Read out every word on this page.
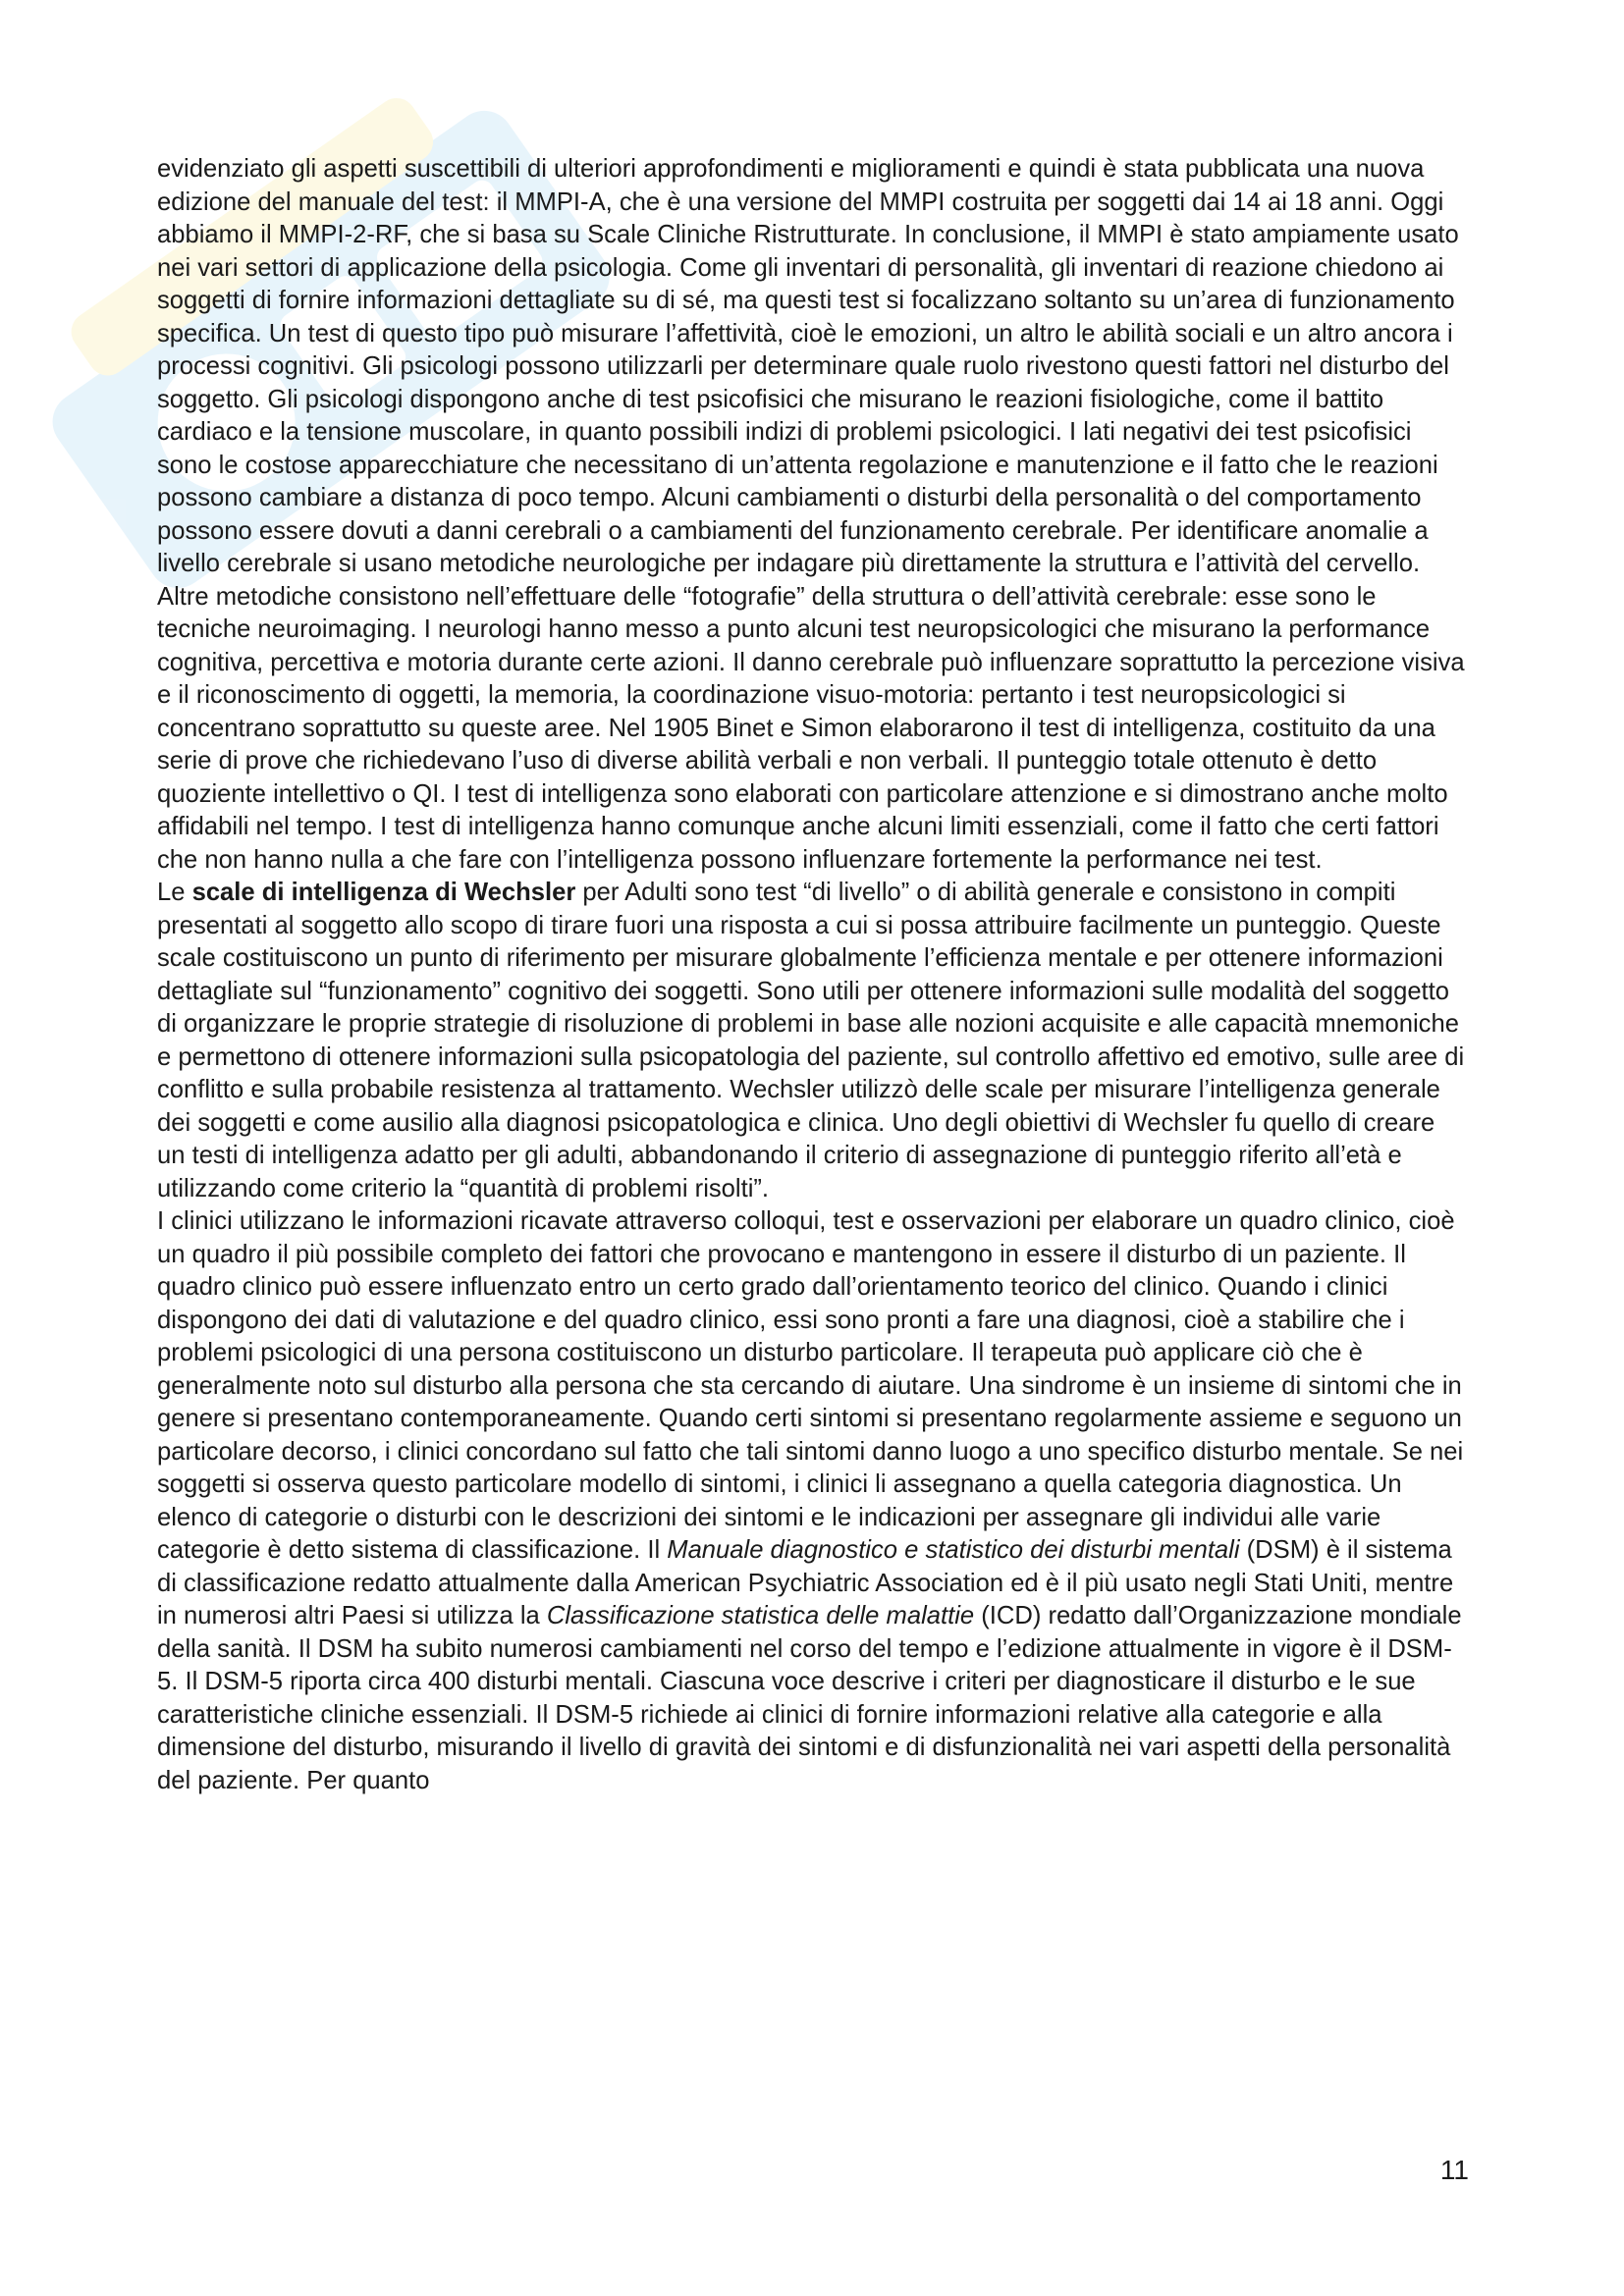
evidenziato gli aspetti suscettibili di ulteriori approfondimenti e miglioramenti e quindi è stata pubblicata una nuova edizione del manuale del test: il MMPI-A, che è una versione del MMPI costruita per soggetti dai 14 ai 18 anni. Oggi abbiamo il MMPI-2-RF, che si basa su Scale Cliniche Ristrutturate. In conclusione, il MMPI è stato ampiamente usato nei vari settori di applicazione della psicologia. Come gli inventari di personalità, gli inventari di reazione chiedono ai soggetti di fornire informazioni dettagliate su di sé, ma questi test si focalizzano soltanto su un’area di funzionamento specifica. Un test di questo tipo può misurare l’affettività, cioè le emozioni, un altro le abilità sociali e un altro ancora i processi cognitivi. Gli psicologi possono utilizzarli per determinare quale ruolo rivestono questi fattori nel disturbo del soggetto. Gli psicologi dispongono anche di test psicofisici che misurano le reazioni fisiologiche, come il battito cardiaco e la tensione muscolare, in quanto possibili indizi di problemi psicologici. I lati negativi dei test psicofisici sono le costose apparecchiature che necessitano di un’attenta regolazione e manutenzione e il fatto che le reazioni possono cambiare a distanza di poco tempo. Alcuni cambiamenti o disturbi della personalità o del comportamento possono essere dovuti a danni cerebrali o a cambiamenti del funzionamento cerebrale. Per identificare anomalie a livello cerebrale si usano metodiche neurologiche per indagare più direttamente la struttura e l’attività del cervello. Altre metodiche consistono nell’effettuare delle “fotografie” della struttura o dell’attività cerebrale: esse sono le tecniche neuroimaging. I neurologi hanno messo a punto alcuni test neuropsicologici che misurano la performance cognitiva, percettiva e motoria durante certe azioni. Il danno cerebrale può influenzare soprattutto la percezione visiva e il riconoscimento di oggetti, la memoria, la coordinazione visuo-motoria: pertanto i test neuropsicologici si concentrano soprattutto su queste aree. Nel 1905 Binet e Simon elaborarono il test di intelligenza, costituito da una serie di prove che richiedevano l’uso di diverse abilità verbali e non verbali. Il punteggio totale ottenuto è detto quoziente intellettivo o QI. I test di intelligenza sono elaborati con particolare attenzione e si dimostrano anche molto affidabili nel tempo. I test di intelligenza hanno comunque anche alcuni limiti essenziali, come il fatto che certi fattori che non hanno nulla a che fare con l’intelligenza possono influenzare fortemente la performance nei test.

Le scale di intelligenza di Wechsler per Adulti sono test “di livello” o di abilità generale e consistono in compiti presentati al soggetto allo scopo di tirare fuori una risposta a cui si possa attribuire facilmente un punteggio. Queste scale costituiscono un punto di riferimento per misurare globalmente l’efficienza mentale e per ottenere informazioni dettagliate sul “funzionamento” cognitivo dei soggetti. Sono utili per ottenere informazioni sulle modalità del soggetto di organizzare le proprie strategie di risoluzione di problemi in base alle nozioni acquisite e alle capacità mnemoniche e permettono di ottenere informazioni sulla psicopatologia del paziente, sul controllo affettivo ed emotivo, sulle aree di conflitto e sulla probabile resistenza al trattamento. Wechsler utilizzò delle scale per misurare l’intelligenza generale dei soggetti e come ausilio alla diagnosi psicopatologica e clinica. Uno degli obiettivi di Wechsler fu quello di creare un testi di intelligenza adatto per gli adulti, abbandonando il criterio di assegnazione di punteggio riferito all’età e utilizzando come criterio la “quantità di problemi risolti”.

I clinici utilizzano le informazioni ricavate attraverso colloqui, test e osservazioni per elaborare un quadro clinico, cioè un quadro il più possibile completo dei fattori che provocano e mantengono in essere il disturbo di un paziente. Il quadro clinico può essere influenzato entro un certo grado dall’orientamento teorico del clinico. Quando i clinici dispongono dei dati di valutazione e del quadro clinico, essi sono pronti a fare una diagnosi, cioè a stabilire che i problemi psicologici di una persona costituiscono un disturbo particolare. Il terapeuta può applicare ciò che è generalmente noto sul disturbo alla persona che sta cercando di aiutare. Una sindrome è un insieme di sintomi che in genere si presentano contemporaneamente. Quando certi sintomi si presentano regolarmente assieme e seguono un particolare decorso, i clinici concordano sul fatto che tali sintomi danno luogo a uno specifico disturbo mentale. Se nei soggetti si osserva questo particolare modello di sintomi, i clinici li assegnano a quella categoria diagnostica. Un elenco di categorie o disturbi con le descrizioni dei sintomi e le indicazioni per assegnare gli individui alle varie categorie è detto sistema di classificazione. Il Manuale diagnostico e statistico dei disturbi mentali (DSM) è il sistema di classificazione redatto attualmente dalla American Psychiatric Association ed è il più usato negli Stati Uniti, mentre in numerosi altri Paesi si utilizza la Classificazione statistica delle malattie (ICD) redatto dall’Organizzazione mondiale della sanità. Il DSM ha subito numerosi cambiamenti nel corso del tempo e l’edizione attualmente in vigore è il DSM-5. Il DSM-5 riporta circa 400 disturbi mentali. Ciascuna voce descrive i criteri per diagnosticare il disturbo e le sue caratteristiche cliniche essenziali. Il DSM-5 richiede ai clinici di fornire informazioni relative alla categorie e alla dimensione del disturbo, misurando il livello di gravità dei sintomi e di disfunzionalità nei vari aspetti della personalità del paziente. Per quanto

11
